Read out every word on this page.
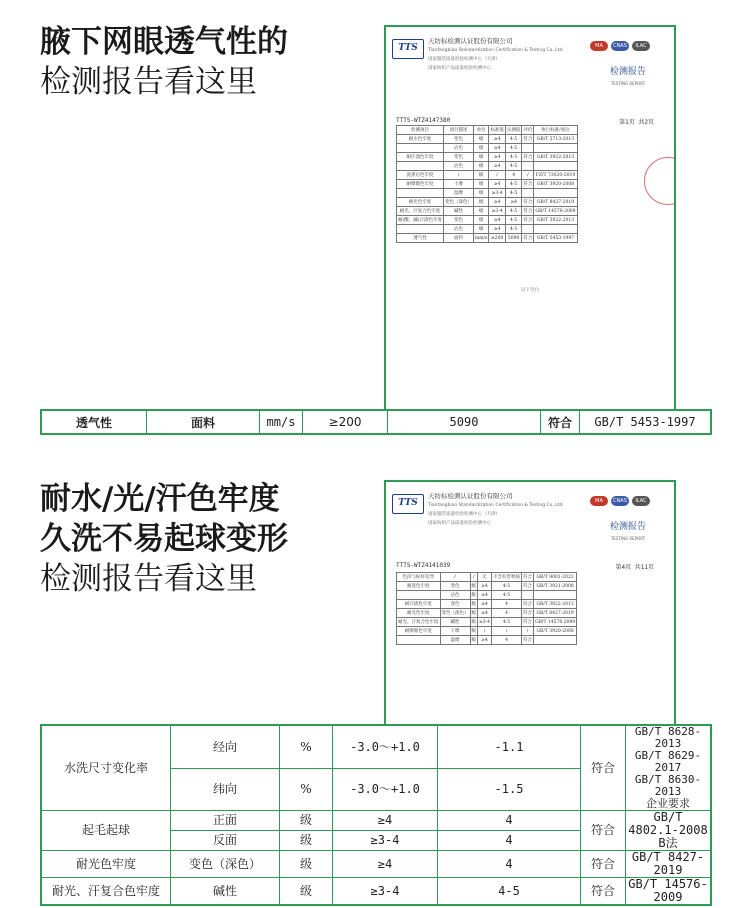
腋下网眼透气性的
检测报告看这里
TTS
天纺标检测认证股份有限公司
Tianfangbiao Standardization Certification & Testing Co.,Ltd.
国家服装质量检验检测中心（天津）
国家纺织产品质量检验检测中心
MA	CNAS	ILAC
检测报告
TESTING REPORT
TTTS-WTZ4147380	第1页 共2页
检测项目	项目描述	单位	标准值	实测值	评价	执行标准/备注
耐水色牢度	变色	级	≥4	4-5	符合	GB/T 5713-2013
	沾色	级	≥4	4-5		
耐汗渍色牢度	变色	级	≥4	4-5	符合	GB/T 3922-2013
	沾色	级	≥4	4-5		
洗涤后色牢度	/	级	/	4	/	FZ/T 73020-2019
耐摩擦色牢度	干摩	级	≥4	4-5	符合	GB/T 3920-2008
	湿摩	级	≥3-4	4-5		
耐光色牢度	变色（深色）	级	≥4	≥4	符合	GB/T 8427-2019
耐光、汗复合色牢度	碱性	级	≥3-4	4-5	符合	GB/T 14576-2009
耐(酸、碱)汗渍色牢度	变色	级	≥4	4-5	符合	GB/T 3922-2013
	沾色	级	≥4	4-5		
透气性	面料	mm/s	≥200	5090	符合	GB/T 5453-1997
以下空白
透气性	面料	mm/s	≥200	5090	符合	GB/T 5453-1997
耐水/光/汗色牢度
久洗不易起球变形
检测报告看这里
TTS
天纺标检测认证股份有限公司
Tianfangbiao Standardization Certification & Testing Co.,Ltd.
国家服装质量检验检测中心（天津）
国家纺织产品质量检验检测中心
MA	CNAS	ILAC
检测报告
TESTING REPORT
TTTS-WTZ4141039	第4页 共11页
色泽与标样差异	/	/	无	不含有害物质	符合	GB/T 9001-2022
耐洗色牢度	变色	级	≥4	4-5	符合	GB/T 3921-2008
	沾色	级	≥4	4-5		
耐汗渍色牢度	变色	级	≥4	4	符合	GB/T 3922-2013
耐光色牢度	变色（深色）	级	≥4	4	符合	GB/T 8427-2019
耐光、汗复合色牢度	碱性	级	≥3-4	4-5	符合	GB/T 14576-2009
耐摩擦色牢度	干摩	级	/	/	/	GB/T 3920-2008
	湿摩	级	≥4	4	符合	
水洗尺寸变化率	经向	%	-3.0～+1.0	-1.1	符合	GB/T 8628-2013
GB/T 8629-2017
GB/T 8630-2013
企业要求

	纬向	%	-3.0～+1.0	-1.5		
起毛起球	正面	级	≥4	4	符合	GB/T 4802.1-2008
B法

	反面	级	≥3-4	4		
耐光色牢度	变色（深色）	级	≥4	4	符合	GB/T 8427-2019
耐光、汗复合色牢度	碱性	级	≥3-4	4-5	符合	GB/T 14576-2009
